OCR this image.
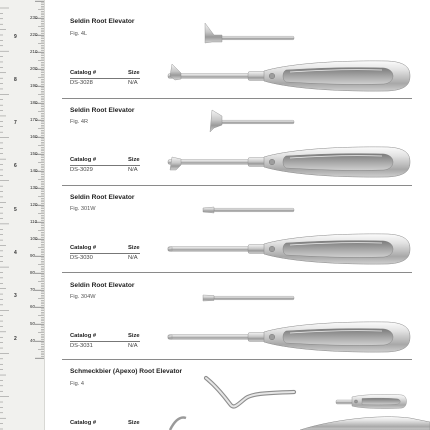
230
220
210
200
190
180
170
160
150
140
130
120
110
100
90
80
70
60
50
40
9
8
7
6
5
4
3
2
Seldin Root Elevator
Fig. 4L
Catalog #	Size
DS-3028	N/A
Seldin Root Elevator
Fig. 4R
Catalog #	Size
DS-3029	N/A
Seldin Root Elevator
Fig. 301W
Catalog #	Size
DS-3030	N/A
Seldin Root Elevator
Fig. 304W
Catalog #	Size
DS-3031	N/A
Schmeckbier (Apexo) Root Elevator
Fig. 4
Catalog #	Size
